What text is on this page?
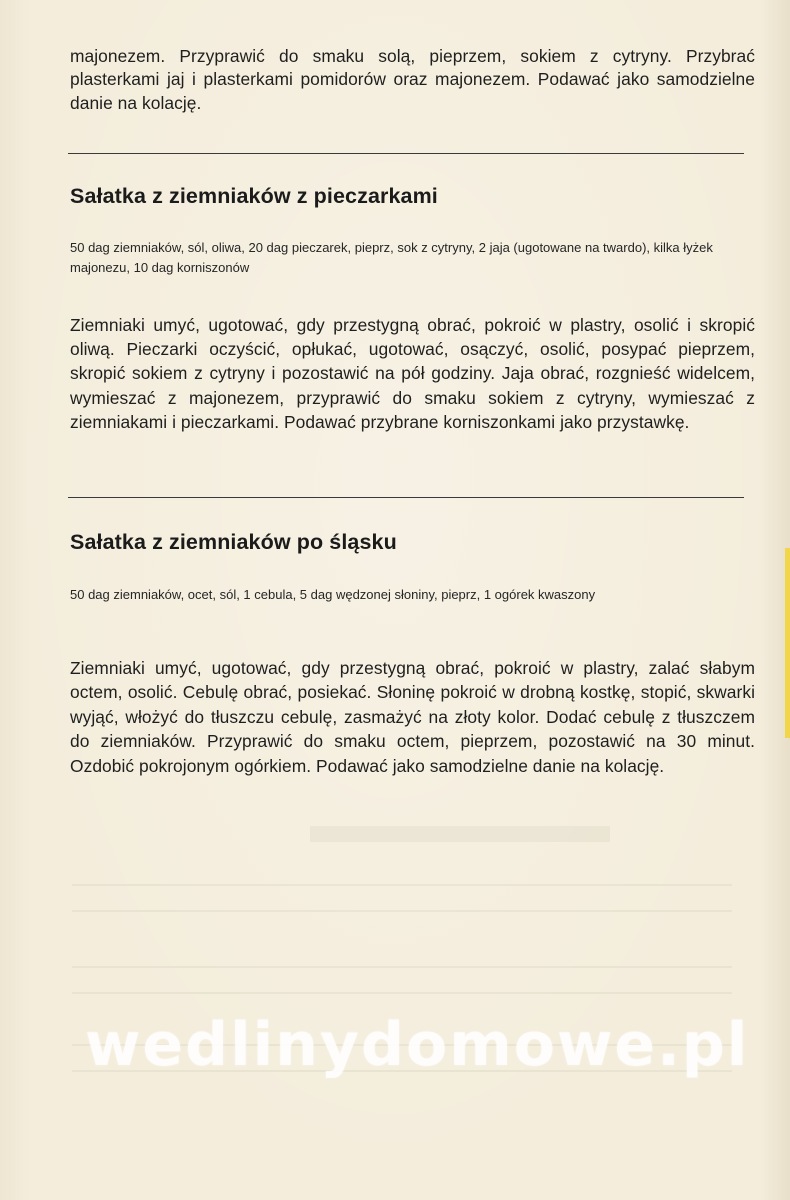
majonezem. Przyprawić do smaku solą, pieprzem, sokiem z cytryny. Przybrać plasterkami jaj i plasterkami pomidorów oraz majonezem. Podawać jako samodzielne danie na kolację.

Sałatka z ziemniaków z pieczarkami

50 dag ziemniaków, sól, oliwa, 20 dag pieczarek, pieprz, sok z cytryny, 2 jaja (ugotowane na twardo), kilka łyżek majonezu, 10 dag korniszonów

Ziemniaki umyć, ugotować, gdy przestygną obrać, pokroić w plastry, osolić i skropić oliwą. Pieczarki oczyścić, opłukać, ugotować, osączyć, osolić, posypać pieprzem, skropić sokiem z cytryny i pozostawić na pół godziny. Jaja obrać, rozgnieść widelcem, wymieszać z majonezem, przyprawić do smaku sokiem z cytryny, wymieszać z ziemniakami i pieczarkami. Podawać przybrane korniszonkami jako przystawkę.

Sałatka z ziemniaków po śląsku

50 dag ziemniaków, ocet, sól, 1 cebula, 5 dag wędzonej słoniny, pieprz, 1 ogórek kwaszony

Ziemniaki umyć, ugotować, gdy przestygną obrać, pokroić w plastry, zalać słabym octem, osolić. Cebulę obrać, posiekać. Słoninę pokroić w drobną kostkę, stopić, skwarki wyjąć, włożyć do tłuszczu cebulę, zasmażyć na złoty kolor. Dodać cebulę z tłuszczem do ziemniaków. Przyprawić do smaku octem, pieprzem, pozostawić na 30 minut. Ozdobić pokrojonym ogórkiem. Podawać jako samodzielne danie na kolację.

wedlinydomowe.pl
